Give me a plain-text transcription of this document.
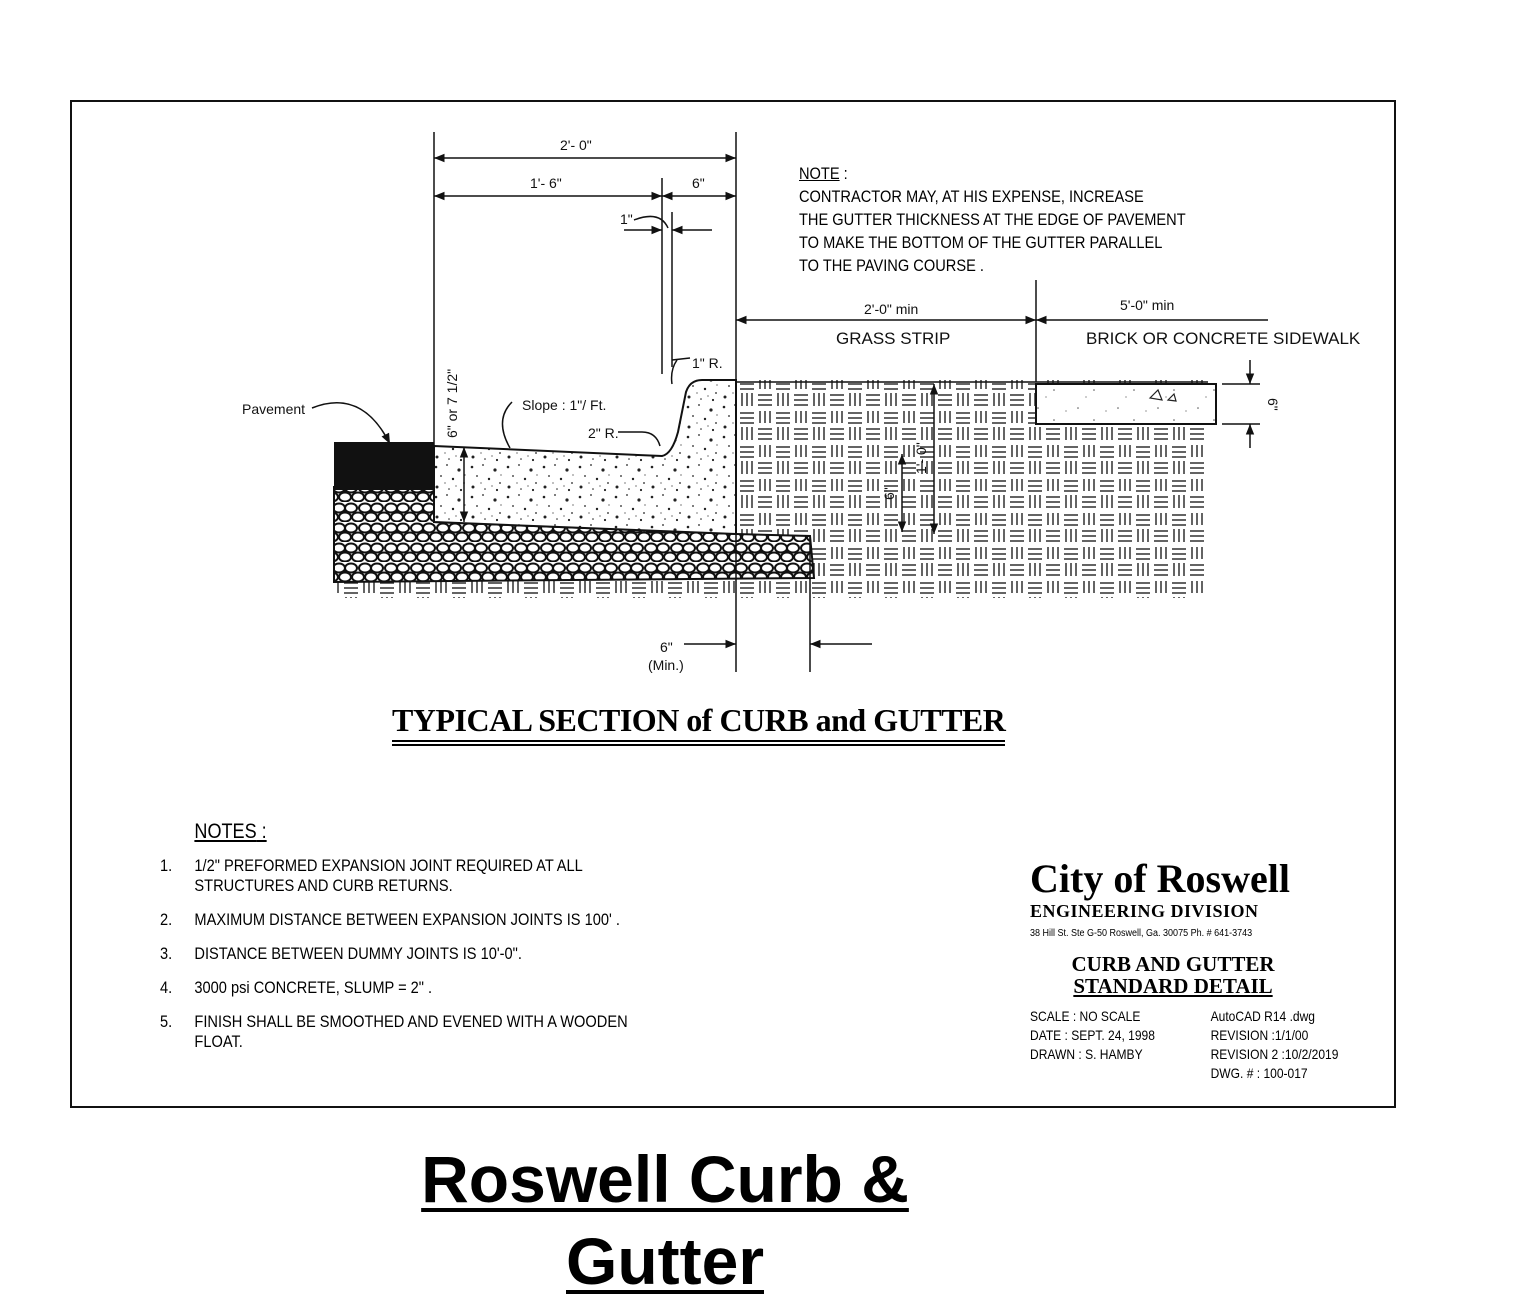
2'- 0"
1'- 6"	6"
1"
1" R.
2" R.
Slope : 1"/ Ft.
Pavement	6" or 7 1/2"
2'-0" min
GRASS STRIP
5'-0" min
BRICK OR CONCRETE SIDEWALK
6"
1'- 0"
6"
6"
(Min.)
NOTE :
CONTRACTOR MAY, AT HIS EXPENSE, INCREASE
THE GUTTER THICKNESS AT THE EDGE OF PAVEMENT
TO MAKE THE BOTTOM OF THE GUTTER PARALLEL
TO THE PAVING COURSE .
TYPICAL SECTION of CURB and GUTTER
NOTES :
1.	1/2" PREFORMED EXPANSION JOINT REQUIRED AT ALL STRUCTURES AND CURB RETURNS.
2.	MAXIMUM DISTANCE BETWEEN EXPANSION JOINTS IS 100' .
3.	DISTANCE BETWEEN DUMMY JOINTS IS 10'-0".
4.	3000 psi CONCRETE, SLUMP = 2" .
5.	FINISH SHALL BE SMOOTHED AND EVENED WITH A WOODEN FLOAT.
City of Roswell
ENGINEERING DIVISION
38 Hill St. Ste G-50 Roswell, Ga. 30075 Ph. # 641-3743
CURB AND GUTTER
STANDARD DETAIL
SCALE : NO SCALE
DATE : SEPT. 24, 1998
DRAWN : S. HAMBY
AutoCAD R14 .dwg
REVISION :1/1/00
REVISION 2 :10/2/2019
DWG. # : 100-017
Roswell Curb &
Gutter
